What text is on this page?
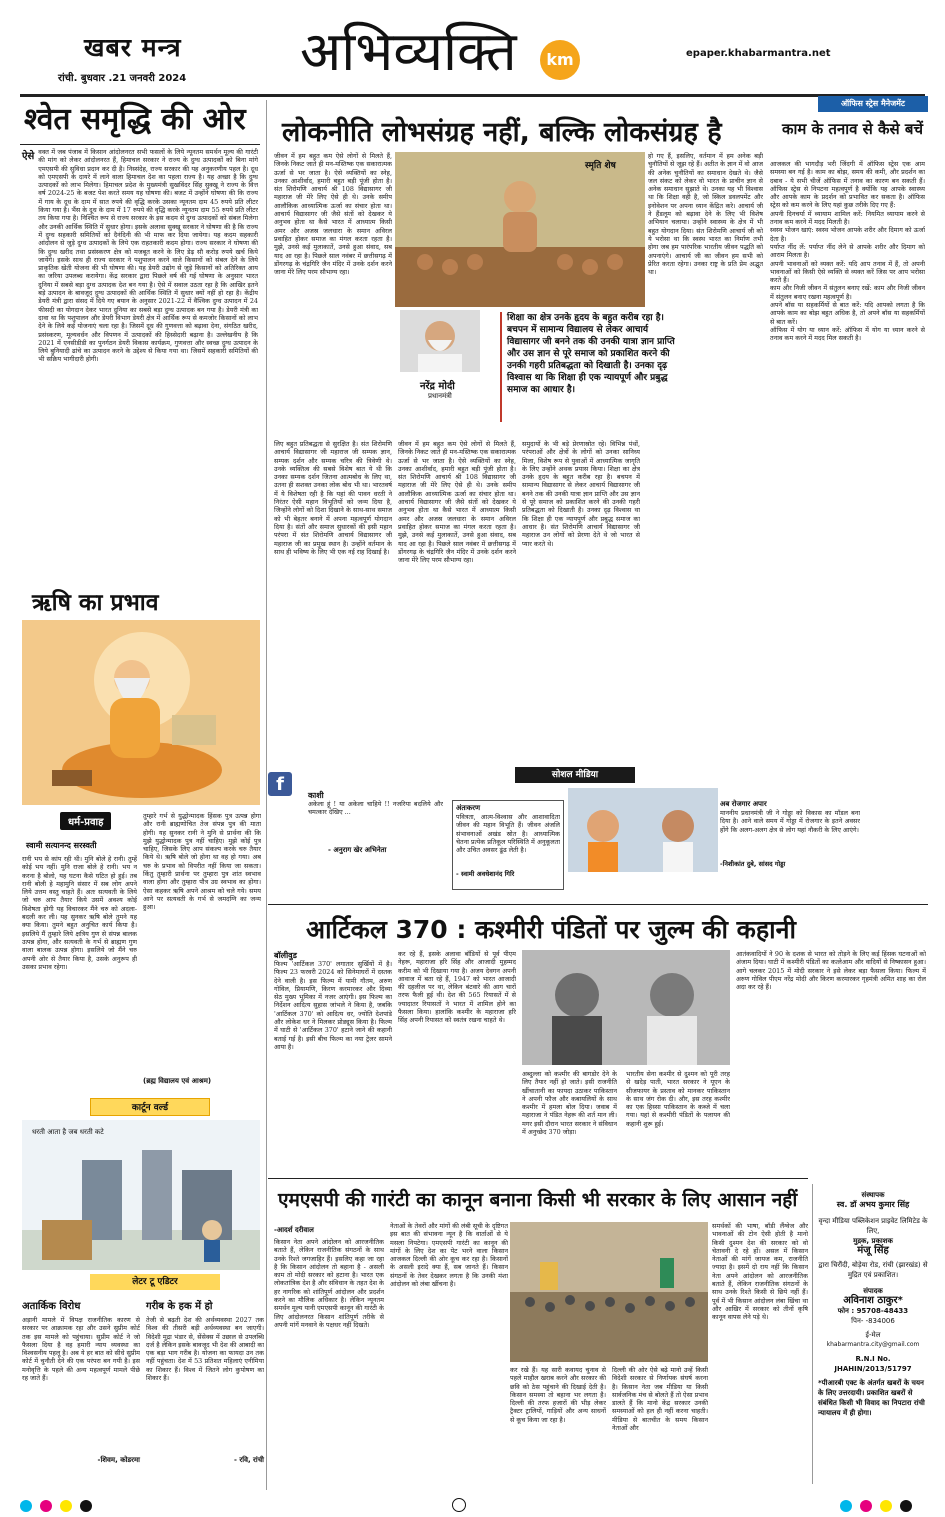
खबर मन्त्र
रांची. बुधवार .21 जनवरी 2024 अभिव्यक्ति	km	epaper.khabarmantra.net
श्वेत समृद्धि की ओर
ऐसे वक्त में जब पंजाब में किसान आंदोलनरत सभी फसलों के लिये न्यूनतम समर्थन मूल्य की गारंटी की मांग को लेकर आंदोलनरत हैं, हिमाचल सरकार ने राज्य के दुग्ध उत्पादकों को बिना मांगे एमएसपी की सुविधा प्रदान कर दी है। निस्संदेह, राज्य सरकार की यह अनुकरणीय पहल है। दूध को एमएसपी के दायरे में लाने वाला हिमाचल देश का पहला राज्य है। यह अच्छा है कि दुग्ध उत्पादकों को लाभ मिलेगा। हिमाचल प्रदेश के मुख्यमंत्री सुखविंदर सिंह सुक्खू ने राज्य के वित्त वर्ष 2024-25 के बजट पेश करते समय यह घोषणा की। बजट में उन्होंने घोषणा की कि राज्य में गाय के दूध के दाम में सात रुपये की वृद्धि करके उसका न्यूनतम दाम 45 रुपये प्रति लीटर किया गया है। भैंस के दूध के दाम में 17 रुपये की वृद्धि करके न्यूनतम दाम 55 रुपये प्रति लीटर तय किया गया है। निश्चित रूप से राज्य सरकार के इस कदम से दुग्ध उत्पादकों को संबल मिलेगा और उनकी आर्थिक स्थिति में सुधार होगा। इसके अलावा सुक्खू सरकार ने घोषणा की है कि राज्य में दुग्ध सहकारी समितियों को दैनंदिनी की भी माफ कर दिया जायेगा। यह कदम सहकारी आंदोलन से जुड़े दुग्ध उत्पादकों के लिये एक राहतकारी कदम होगा। राज्य सरकार ने घोषणा की कि दुग्ध खरीद तथा प्रसंस्करण क्षेत्र को मजबूत करने के लिए डेढ़ सौ करोड़ रुपये खर्च किये जायेंगे। इसके साथ ही राज्य सरकार ने पशुपालन करने वाले किसानों को संबल देने के लिये प्राकृतिक खेती योजना की भी घोषणा की। यह डेयरी उद्योग से जुड़े किसानों को अतिरिक्त आय का जरिया उपलब्ध करायेगा। केंद्र सरकार द्वारा पिछले वर्ष की गई घोषणा के अनुसार भारत दुनिया में सबसे बड़ा दुग्ध उत्पादक देश बन गया है। ऐसे में सवाल उठता रहा है कि आखिर इतने बड़े उत्पादन के बावजूद दुग्ध उत्पादकों की आर्थिक स्थिति में सुधार क्यों नहीं हो रहा है। केंद्रीय डेयरी मंत्री द्वारा संसद में दिये गए बयान के अनुसार 2021-22 में वैश्विक दुग्ध उत्पादन में 24 फीसदी का योगदान देकर भारत दुनिया का सबसे बड़ा दुग्ध उत्पादक बन गया है। डेयरी मंत्री का दावा था कि पशुपालन और डेयरी विभाग डेयरी क्षेत्र में आर्थिक रूप से कमजोर किसानों को लाभ देने के लिये कई योजनाएं चला रहा है। जिसमें दूध की गुणवत्ता को बढ़ावा देना, संगठित खरीद, प्रसंस्करण, मूल्यवर्धन और विपणन में उत्पादकों की हिस्सेदारी बढ़ाना है। उल्लेखनीय है कि 2021 में एनसीडीडी का पुनर्गठन डेयरी विकास कार्यक्रम, गुणवत्ता और स्वच्छ दुग्ध उत्पादन के लिये बुनियादी ढांचे का उत्पादन करने के उद्देश्य से किया गया था। जिसमें सहकारी समितियों की भी सक्रिय भागीदारी होगी।
ऋषि का प्रभाव
धर्म-प्रवाह
स्वामी सत्यानन्द सरस्वती
रानी भय से कांप रही थी। मुनि बोले हे रानी। तुम्हें कोई भय नहीं। मुनि राजा बोले हे रानी। भय न करना है बोलो, यह घटना कैसे घटित हो हुई। तब रानी बोली हे महामुनि संसार में सब लोग अपने लिये उत्तम वस्तु चाहते हैं। अतः सत्यवती के लिये जो चरु आप तैयार किये उसमें अवश्य कोई विशेषता होगी यह विचारकर मैंने चरु को अदला-बदली कर ली। यह सुनकर ऋषि बोले तुमने यह क्या किया। तुमने बहुत अनुचित कार्य किया है। इसलिये मैं तुम्हारे लिये क्षत्रिय गुण से संपन्न बालक उत्पन्न होगा, और सत्यवती के गर्भ से ब्राह्मण गुण वाला बालक उत्पन्न होगा। इसलिये जो मैंने चरु अपनी ओर से तैयार किया है, उसके अनुरूप ही उसका प्रभाव रहेगा।
तुम्हारे गर्भ से युद्धोन्मादक हिंसक पुत्र उत्पन्न होगा और रानी ब्राह्मणोचित तेज संपन्न पुत्र की माता होगी। यह सुनकर रानी ने मुनि से प्रार्थना की कि मुझे युद्धोन्मादक पुत्र नहीं चाहिए। मुझे कोई पुत्र चाहिए, जिसके लिए आप संकल्प करके चरु तैयार किये थे। ऋषि बोले जो होना था वह हो गया। अब चरु के प्रभाव को विपरीत नहीं किया जा सकता। किंतु तुम्हारी प्रार्थना पर तुम्हारा पुत्र शांत स्वभाव वाला होगा और तुम्हारा पौत्र उग्र स्वभाव का होगा। ऐसा कहकर ऋषि अपने आश्रम को चले गये। समय आने पर सत्यवती के गर्भ से जमदग्नि का जन्म हुआ।
(ब्रह्म विद्यालय एवं आश्रम)
कार्टून वर्ल्ड
धरती आता है जब धरती कटे
लेटर टू एडिटर
अतार्किक विरोध
अड़ानी मामले में विपक्ष राजनीतिक कारण से सरकार पर आक्रामक रहा और उसने सुप्रीम कोर्ट तक इस मामले को पहुंचाया। सुप्रीम कोर्ट ने जो फैसला दिया है वह हमारी न्याय व्यवस्था का विश्वसनीय पहलू है। अब ये हर बात को सीधे सुप्रीम कोर्ट में चुनौती देने की एक परंपरा बन गयी है। इस मनोवृत्ति के पहले की अन्य महत्वपूर्ण मामले पीछे रह जाते हैं।
-शिवम, कोडरमा
गरीब के हक में हो
तेजी से बढ़ती देश की अर्थव्यवस्था 2027 तक विश्व की तीसरी बड़ी अर्थव्यवस्था बन जाएगी। विदेशी मुद्रा भंडार से, सेंसेक्स में उछाल से उपलब्धि दर्ज है लेकिन इसके बावजूद भी देश की आबादी का एक बड़ा भाग गरीब है। योजना का फायदा उन तक नहीं पहुंचता। देश में 53 प्रतिशत महिलाएं एनीमिया का शिकार हैं। विश्व में जितने लोग कुपोषण का शिकार हैं।
- रवि, रांची
लोकनीति लोभसंग्रह नहीं, बल्कि लोकसंग्रह है
स्मृति शेष
नरेंद्र मोदी
प्रधानमंत्री
शिक्षा का क्षेत्र उनके हृदय के बहुत करीब रहा है। बचपन में सामान्य विद्यालय से लेकर आचार्य विद्यासागर जी बनने तक की उनकी यात्रा ज्ञान प्राप्ति और उस ज्ञान से पूरे समाज को प्रकाशित करने की उनकी गहरी प्रतिबद्धता को दिखाती है। उनका दृढ़ विश्वास था कि शिक्षा ही एक न्यायपूर्ण और प्रबुद्ध समाज का आधार है।
जीवन में हम बहुत कम ऐसे लोगों से मिलते हैं, जिनके निकट जाते ही मन-मस्तिष्क एक सकारात्मक ऊर्जा से भर जाता है। ऐसे व्यक्तियों का स्नेह, उनका आशीर्वाद, हमारी बहुत बड़ी पूंजी होता है। संत शिरोमणि आचार्य श्री 108 विद्यासागर जी महाराज जी मेरे लिए ऐसे ही थे। उनके समीप आलौकिक आध्यात्मिक ऊर्जा का संचार होता था। आचार्य विद्यासागर जी जैसे संतों को देखकर ये अनुभव होता था कैसे भारत में आध्यात्म किसी अमर और अजस्र जलधारा के समान अविरल प्रवाहित होकर समाज का मंगल करता रहता है। मुझे, उनसे कई मुलाकातें, उनसे हुआ संवाद, सब याद आ रहा है। पिछले साल नवंबर में छत्तीसगढ़ में डोंगरगढ़ के चंद्रगिरि जैन मंदिर में उनके दर्शन करने जाना मेरे लिए परम सौभाग्य रहा।
लिए बहुत प्रतिबद्धता से सुरक्षित है। संत शिरोमणि आचार्य विद्यासागर जी महाराज जी सम्यक ज्ञान, सम्यक दर्शन और सम्यक चरित्र की त्रिवेणी थे। उनके व्यक्तित्व की सबसे विशेष बात ये थी कि उनका सम्यक दर्शन जितना आत्मबोध के लिए था, उतना ही सशक्त उनका लोक बोध भी था। भारतवर्ष में ये विशेषता रही है कि यहां की पावन धरती ने निरंतर ऐसी महान विभूतियों को जन्म दिया है, जिन्होंने लोगों को दिशा दिखाने के साथ-साथ समाज को भी बेहतर बनाने में अपना महत्वपूर्ण योगदान दिया है। संतों और समाज सुधारकों की इसी महान परंपरा में संत शिरोमणि आचार्य विद्यासागर जी महाराज जी का प्रमुख स्थान है। उन्होंने वर्तमान के साथ ही भविष्य के लिए भी एक नई राह दिखाई है।
जीवन में हम बहुत कम ऐसे लोगों से मिलते हैं, जिनके निकट जाते ही मन-मस्तिष्क एक सकारात्मक ऊर्जा से भर जाता है। ऐसे व्यक्तियों का स्नेह, उनका आशीर्वाद, हमारी बहुत बड़ी पूंजी होता है। संत शिरोमणि आचार्य श्री 108 विद्यासागर जी महाराज जी मेरे लिए ऐसे ही थे। उनके समीप आलौकिक आध्यात्मिक ऊर्जा का संचार होता था। आचार्य विद्यासागर जी जैसे संतों को देखकर ये अनुभव होता था कैसे भारत में आध्यात्म किसी अमर और अजस्र जलधारा के समान अविरल प्रवाहित होकर समाज का मंगल करता रहता है। मुझे, उनसे कई मुलाकातें, उनसे हुआ संवाद, सब याद आ रहा है। पिछले साल नवंबर में छत्तीसगढ़ में डोंगरगढ़ के चंद्रगिरि जैन मंदिर में उनके दर्शन करने जाना मेरे लिए परम सौभाग्य रहा।
समुदायों के भी बड़े प्रेरणास्रोत रहे। विभिन्न पंथों, परंपराओं और क्षेत्रों के लोगों को उनका सानिध्य मिला, विशेष रूप से युवाओं में आध्यात्मिक जागृति के लिए उन्होंने अथक प्रयास किया। शिक्षा का क्षेत्र उनके हृदय के बहुत करीब रहा है। बचपन में सामान्य विद्यासागर से लेकर आचार्य विद्यासागर जी बनने तक की उनकी यात्रा ज्ञान प्राप्ति और उस ज्ञान से पूरे समाज को प्रकाशित करने की उनकी गहरी प्रतिबद्धता को दिखाती है। उनका दृढ़ विश्वास था कि शिक्षा ही एक न्यायपूर्ण और प्रबुद्ध समाज का आधार है। संत शिरोमणि आचार्य विद्यासागर जी महाराज उन लोगों को प्रेरणा देते थे जो भारत से प्यार करते थे।
हो गए हैं, इसलिए, वर्तमान में हम अनेक बड़ी चुनौतियों से जूझ रहे हैं। अतीत के ज्ञान में वो आज की अनेक चुनौतियों का समाधान देखते थे। जैसे जल संकट को लेकर वो भारत के प्राचीन ज्ञान से अनेक समाधान सुझाते थे। उनका यह भी विश्वास था कि शिक्षा वही है, जो स्किल डवलपमेंट और इनोवेशन पर अपना ध्यान केंद्रित करे। आचार्य जी ने हैंडलूम को बढ़ावा देने के लिए भी विशेष अभियान चलाया। उन्होंने स्वास्थ्य के क्षेत्र में भी बहुत योगदान दिया। संत शिरोमणि आचार्य जी को ये भरोसा था कि स्वस्थ भारत का निर्माण तभी होगा जब हम पारंपरिक भारतीय जीवन पद्धति को अपनाएंगे। आचार्य जी का जीवन हम सभी को प्रेरित करता रहेगा। उनका राष्ट्र के प्रति प्रेम अद्भुत था।
सोशल मीडिया
f
काशी
अकेला हूं ! या अकेला चाहिये !! नजरिया बदलिये और चमत्कार देखिए ...
- अनुराग खेर अभिनेता
अंतःकरण
पवित्रता, आत्म-विश्वास और आशावादिता जीवन की महान विभूति हैं। जीवन अंजलि संभावनाओं अखंड स्रोत है। आध्यात्मिक चेतना प्रत्येक प्रतिकूल परिस्थिति में अनुकूलता और उचित अवसर ढूंढ लेती है।
- स्वामी अवधेशानंद गिरि
अब रोजगार अपार
माननीय प्रधानमंत्री जी ने गोड्डा को विकास का मॉडल बना दिया है। आने वाले समय में गोड्डा में रोजगार के इतने अवसर होंगे कि अलग-अलग क्षेत्र से लोग यहां नौकरी के लिए आएंगे।
-निशीकांत दुबे, सांसद गोड्डा
ऑफिस स्ट्रेस मैनेजमेंट
काम के तनाव से कैसे बचें
आजकल की भागदौड़ भरी जिंदगी में ऑफिस स्ट्रेस एक आम समस्या बन गई है। काम का बोझ, समय की कमी, और प्रदर्शन का दबाव - ये सभी चीजें ऑफिस में तनाव का कारण बन सकती हैं। ऑफिस स्ट्रेस से निपटना महत्वपूर्ण है क्योंकि यह आपके स्वास्थ्य और आपके काम के प्रदर्शन को प्रभावित कर सकता है। ऑफिस स्ट्रेस को कम करने के लिए यहां कुछ तरीके दिए गए हैं:
अपनी दिनचर्या में व्यायाम शामिल करें: नियमित व्यायाम करने से तनाव कम करने में मदद मिलती है।
स्वस्थ भोजन खाएं: स्वस्थ भोजन आपके शरीर और दिमाग को ऊर्जा देता है।
पर्याप्त नींद लें: पर्याप्त नींद लेने से आपके शरीर और दिमाग को आराम मिलता है।
अपनी भावनाओं को व्यक्त करें: यदि आप तनाव में हैं, तो अपनी भावनाओं को किसी ऐसे व्यक्ति से व्यक्त करें जिस पर आप भरोसा करते हैं।
काम और निजी जीवन में संतुलन बनाए रखें: काम और निजी जीवन में संतुलन बनाए रखना महत्वपूर्ण है।
अपने बॉस या सहकर्मियों से बात करें: यदि आपको लगता है कि आपके काम का बोझ बहुत अधिक है, तो अपने बॉस या सहकर्मियों से बात करें।
ऑफिस में योग या ध्यान करें: ऑफिस में योग या ध्यान करने से तनाव कम करने में मदद मिल सकती है।
आर्टिकल 370 : कश्मीरी पंडितों पर जुल्म की कहानी
बॉलीवुड
फिल्म 'आर्टिकल 370' लगातार सुर्खियों में है। फिल्म 23 फरवरी 2024 को सिनेमाघरों में दस्तक देने वाली है। इस फिल्म में यामी गौतम, अरुण गोविल, प्रियामणि, किरण करमारकर और दिव्या सेठ मुख्य भूमिका में नजर आएंगी। इस फिल्म का निर्देशन आदित्य सुहास जांभले ने किया है, जबकि 'आर्टिकल 370' को आदित्य धर, ज्योति देशपांडे और लोकेश धर ने मिलकर प्रोड्यूस किया है। फिल्म में घाटी से 'आर्टिकल 370' हटाने जाने की कहानी बताई गई है। इसी बीच फिल्म का नया ट्रेलर सामने आया है।
कर रहे हैं, इसके अलावा बॉडियों से पूर्व पीएम नेहरू, महाराजा हरि सिंह और आजादी मुहम्मद करीम को भी दिखाया गया है। अजय देवगन अपनी आवाज में बता रहे हैं, 1947 को भारत आजादी की दहलीज पर था, लेकिन बंटवारे की आग चारों तरफ फैली हुई थी। देश की 565 रियासतें में से ज्यादातर रियासतों ने भारत में शामिल होने का फैसला किया। हालांकि कश्मीर के महाराजा हरि सिंह अपनी रियासत को स्वतंत्र रखना चाहते थे।
अब्दुल्ला को कश्मीर की बागडोर देने के लिए तैयार नहीं हो जाते। इसी राजनीति खींचातानी का फायदा उठाकर पाकिस्तान ने अपनी फौज और कबायलियों के साथ कश्मीर में हमला बोल दिया। जवाब में महाराजा ने पंडित नेहरू की शर्त मान ली। मगर इसी दौरान भारत सरकार ने संविधान में अनुच्छेद 370 जोड़ा।
भारतीय सेना कश्मीर से दुश्मन को पूरी तरह से खदेड़ पाती, भारत सरकार ने यूएन के सीजफायर के प्रस्ताव को मानकर पाकिस्तान के साथ जंग रोक दी। और, इस तरह कश्मीर का एक हिस्सा पाकिस्तान के कब्जे में चला गया। यहां से कश्मीरी पंडितों के पलायन की कहानी शुरू हुई।
आतंकवादियों ने 90 के दशक से भारत को तोड़ने के लिए कई हिंसक घटनाओं को अंजाम दिया। घाटी में कश्मीरी पंडितों का कत्लेआम और वादियों से निष्कासन हुआ। आगे चलकर 2015 में मोदी सरकार ने इसे लेकर बड़ा फैसला किया। फिल्म में अरुण गोविल पीएम नरेंद्र मोदी और किरण करमारकर गृहमंत्री अमित शाह का रोल अदा कर रहे हैं।
एमएसपी की गारंटी का कानून बनाना किसी भी सरकार के लिए आसान नहीं
-आदर्श दरीवाल
किसान नेता अपने आंदोलन को आरजनीतिक बताते हैं, लेकिन राजनीतिक संगठनों के साथ उनके रिश्ते जगजाहिर हैं। इसलिए कहा जा रहा है कि किसान आंदोलन तो बहाना है - असली काम तो मोदी सरकार को हटाना है। भारत एक लोकतांत्रिक देश है और संविधान के तहत देश के हर नागरिक को शांतिपूर्ण आंदोलन और प्रदर्शन करने का मौलिक अधिकार है। लेकिन न्यूनतम समर्थन मूल्य यानी एमएसपी कानून की गारंटी के लिए आंदोलनरत किसान शांतिपूर्ण तरीके से अपनी मांगें मनवाने के पक्षधर नहीं दिखते।
नेताओं के तेवरों और मांगों की लंबी सूची के दृष्टिगत इस बात की संभावना न्यून है कि वार्ताओं से ये मसला निपटेगा। एमएसपी गारंटी का कानून की मांगों के लिए देश का पेट भरने वाला किसान आजकल दिल्ली की ओर कूच कर रहा है। किसानों के असली इरादे क्या हैं, सब जानते हैं। किसान संगठनों के तेवर देखकर लगता है कि उनकी मंशा आंदोलन को लंबा खींचना है।
कर रखे हैं। यह सारी कवायद चुनाव से पहले माहौल खराब करने और सरकार की छवि को ठेस पहुंचाने की दिखाई देती है। किसान समस्या तो बहाना भर लगता है। दिल्ली की तरफ हजारों की भीड़ लेकर ट्रैक्टर ट्रालियों, गाड़ियों और अन्य साधनों से कूच किया जा रहा है।
दिल्ली की ओर ऐसे बढ़े मानो उन्हें किसी विदेशी सरकार से निर्णायक संघर्ष करना है। किसान नेता जब मीडिया या किसी सार्वजनिक मंच से बोलते हैं तो ऐसा प्रभाव डालते हैं कि मानो केंद्र सरकार उनकी समस्याओं को हल ही नहीं करना चाहती। मीडिया से बातचीत के समय किसान नेताओं और
समर्थकों की भाषा, बॉडी लैंग्वेज और भावनाओं की टोन ऐसी होती है मानो किसी दुश्मन देश की सरकार को वो चेतावनी दे रहे हों। असल में किसान नेताओं की मांगें जायज कम, राजनीति ज्यादा है। इसमें दो राय नहीं कि किसान नेता अपने आंदोलन को आरजनीतिक बताते हैं, लेकिन राजनीतिक संगठनों के साथ उनके रिश्ते किसी से छिपे नहीं हैं। पूर्व में भी किसान आंदोलन लंबा खिंचा था और आखिर में सरकार को तीनों कृषि कानून वापस लेने पड़े थे।
संस्थापक
स्व. डॉ अभय कुमार सिंह
वृन्दा मीडिया पब्लिकेशन प्राइवेट लिमिटेड के लिए,
मुद्रक, प्रकाशक
मंजू सिंह
द्वारा चिरौंदी, बोड़ेया रोड, रांची (झारखंड) से मुद्रित एवं प्रकाशित।
संपादक
अविनाश ठाकुर*
फोन : 95708-48433
पिन- -834006
ई-मेल
khabarmantra.city@gmail.com
R.N.I No.
JHAHIN/2013/51797
*पीआरबी एक्ट के अंतर्गत खबरों के चयन के लिए उत्तरदायी। प्रकाशित खबरों से संबंधित किसी भी विवाद का निपटारा रांची न्यायालय में ही होगा।
